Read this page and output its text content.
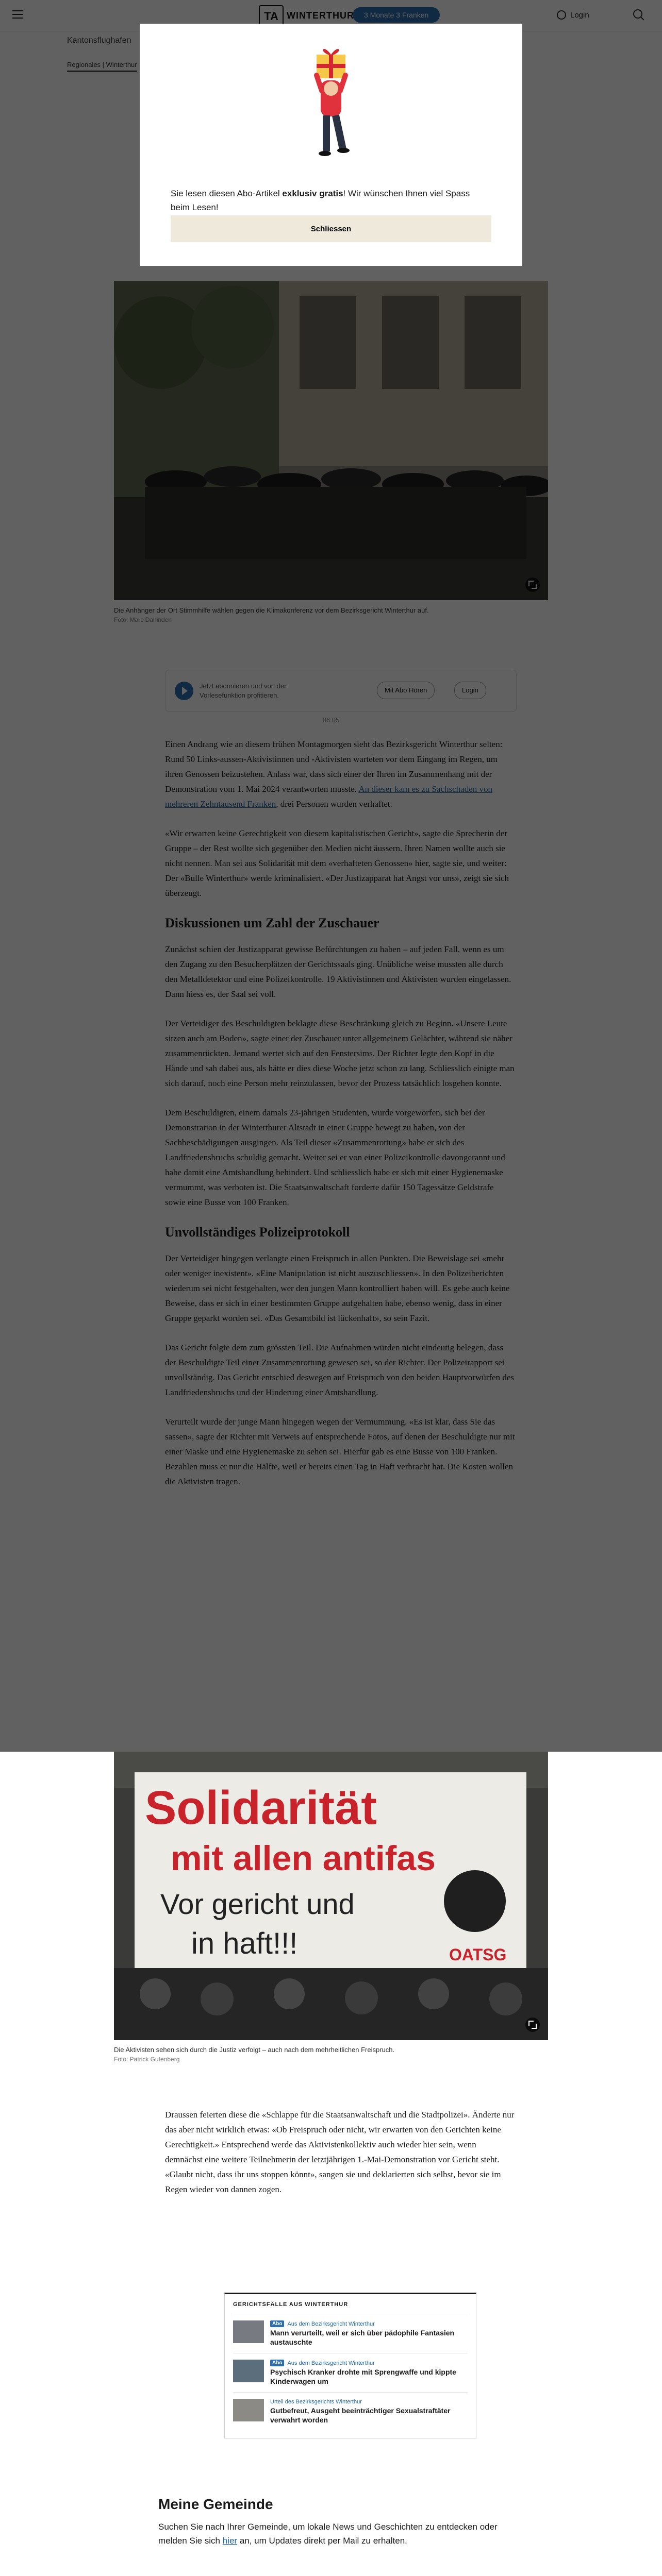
Solidarität
mit allen antifas
Vor gericht und
in haft!!!	OATSG
Die Aktivisten sehen sich durch die Justiz verfolgt – auch nach dem mehrheitlichen Freispruch.
Foto: Patrick Gutenberg

Draussen feierten diese die «Schlappe für die Staatsanwaltschaft und die Stadtpolizei». Änderte nur das aber nicht wirklich etwas: «Ob Freispruch oder nicht, wir erwarten von den Gerichten keine Gerechtigkeit.» Entsprechend werde das Aktivistenkollektiv auch wieder hier sein, wenn demnächst eine weitere Teilnehmerin der letztjährigen 1.-Mai-Demonstration vor Gericht steht. «Glaubt nicht, dass ihr uns stoppen könnt», sangen sie und deklarierten sich selbst, bevor sie im Regen wieder von dannen zogen.

GERICHTSFÄLLE AUS WINTERTHUR
Abo Aus dem Bezirksgericht Winterthur
Mann verurteilt, weil er sich über pädophile Fantasien austauschte
Abo Aus dem Bezirksgericht Winterthur
Psychisch Kranker drohte mit Sprengwaffe und kippte Kinderwagen um
Urteil des Bezirksgerichts Winterthur
Gutbefreut, Ausgeht beeinträchtiger Sexualstraftäter verwahrt worden
Meine Gemeinde

Suchen Sie nach Ihrer Gemeinde, um lokale News und Geschichten zu entdecken oder melden Sie sich hier an, um Updates direkt per Mail zu erhalten.

Sie lesen diesen Abo-Artikel exklusiv gratis! Wir wünschen Ihnen viel Spass beim Lesen!
Schliessen
